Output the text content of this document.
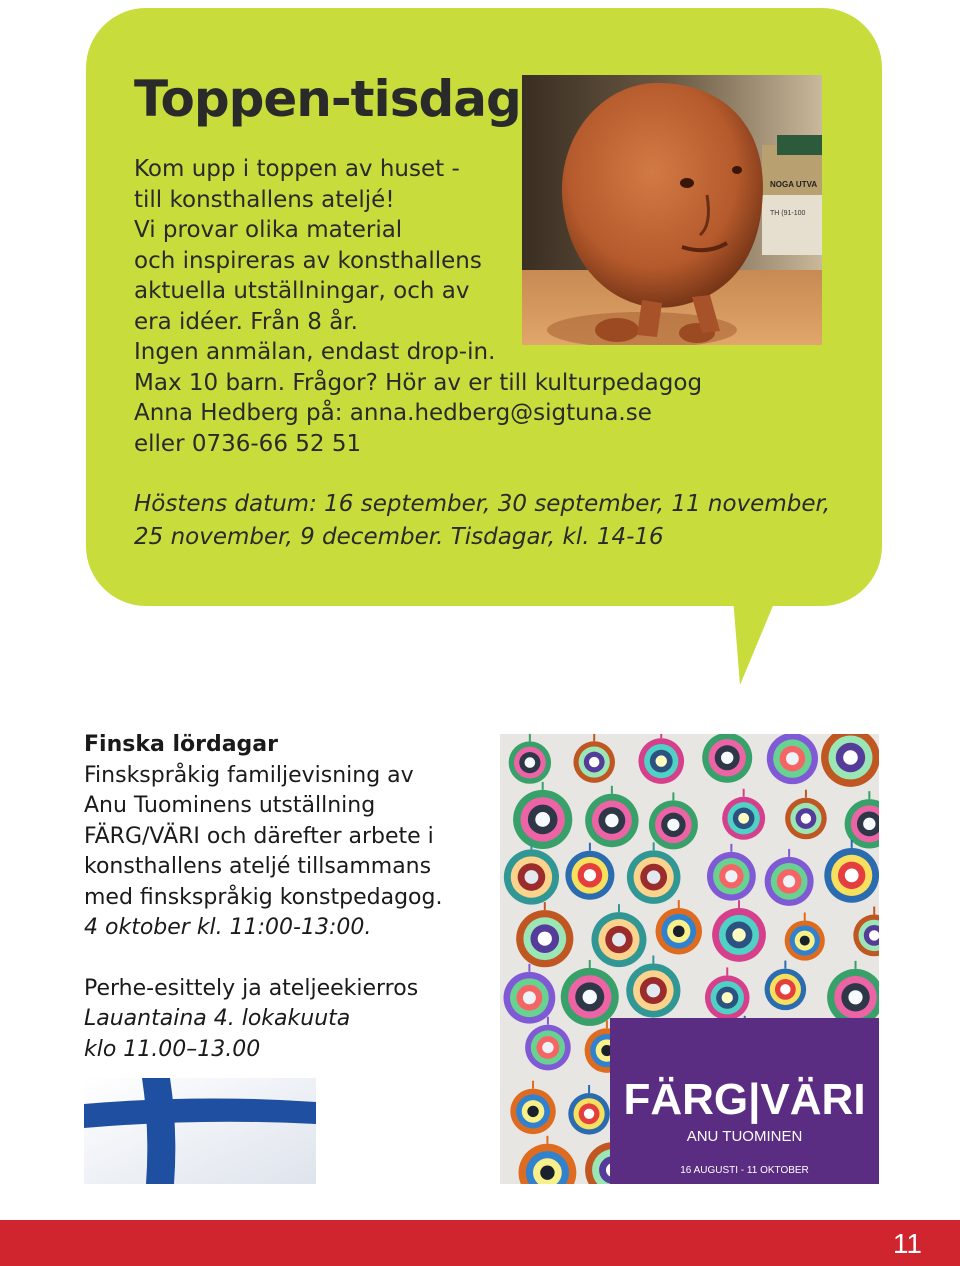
Toppen-tisdag
Kom upp i toppen av huset -
till konsthallens ateljé!
Vi provar olika material
och inspireras av konsthallens
aktuella utställningar, och av
era idéer. Från 8 år.
Ingen anmälan, endast drop-in.
Max 10 barn. Frågor? Hör av er till kulturpedagog
Anna Hedberg på: anna.hedberg@sigtuna.se
eller 0736-66 52 51
Höstens datum: 16 september, 30 september, 11 november,
25 november, 9 december. Tisdagar, kl. 14-16
NOGA UTVA
TH (91-100
Finska lördagar
Finskspråkig familjevisning av
Anu Tuominens utställning
FÄRG/VÄRI och därefter arbete i
konsthallens ateljé tillsammans
med finskspråkig konstpedagog.
4 oktober kl. 11:00-13:00.
Perhe-esittely ja ateljeekierros
Lauantaina 4. lokakuuta
klo 11.00–13.00
FÄRG|VÄRI
ANU TUOMINEN
16 AUGUSTI - 11 OKTOBER
11
